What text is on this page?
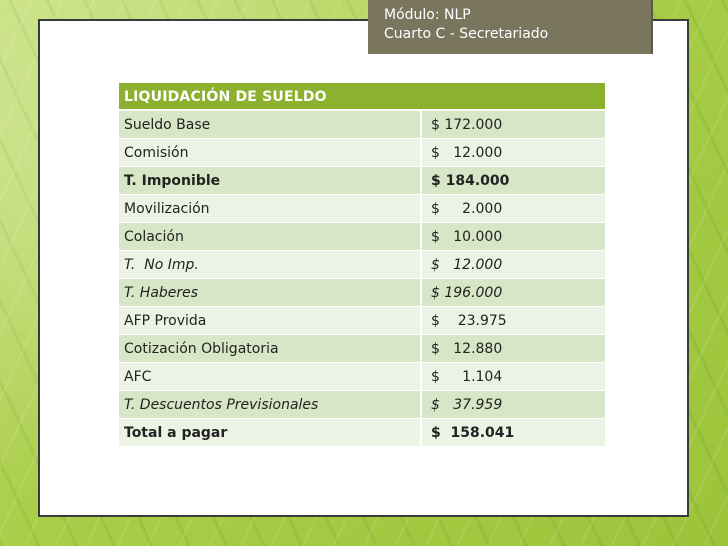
Módulo: NLP
Cuarto C - Secretariado
LIQUIDACIÓN DE SUELDO	
Sueldo Base	$ 172.000
Comisión	$   12.000
T. Imponible	$ 184.000
Movilización	$     2.000
Colación	$   10.000
T.  No Imp.	$   12.000
T. Haberes	$ 196.000
AFP Provida	$    23.975
Cotización Obligatoria	$   12.880
AFC	$     1.104
T. Descuentos Previsionales	$   37.959
Total a pagar	$  158.041
